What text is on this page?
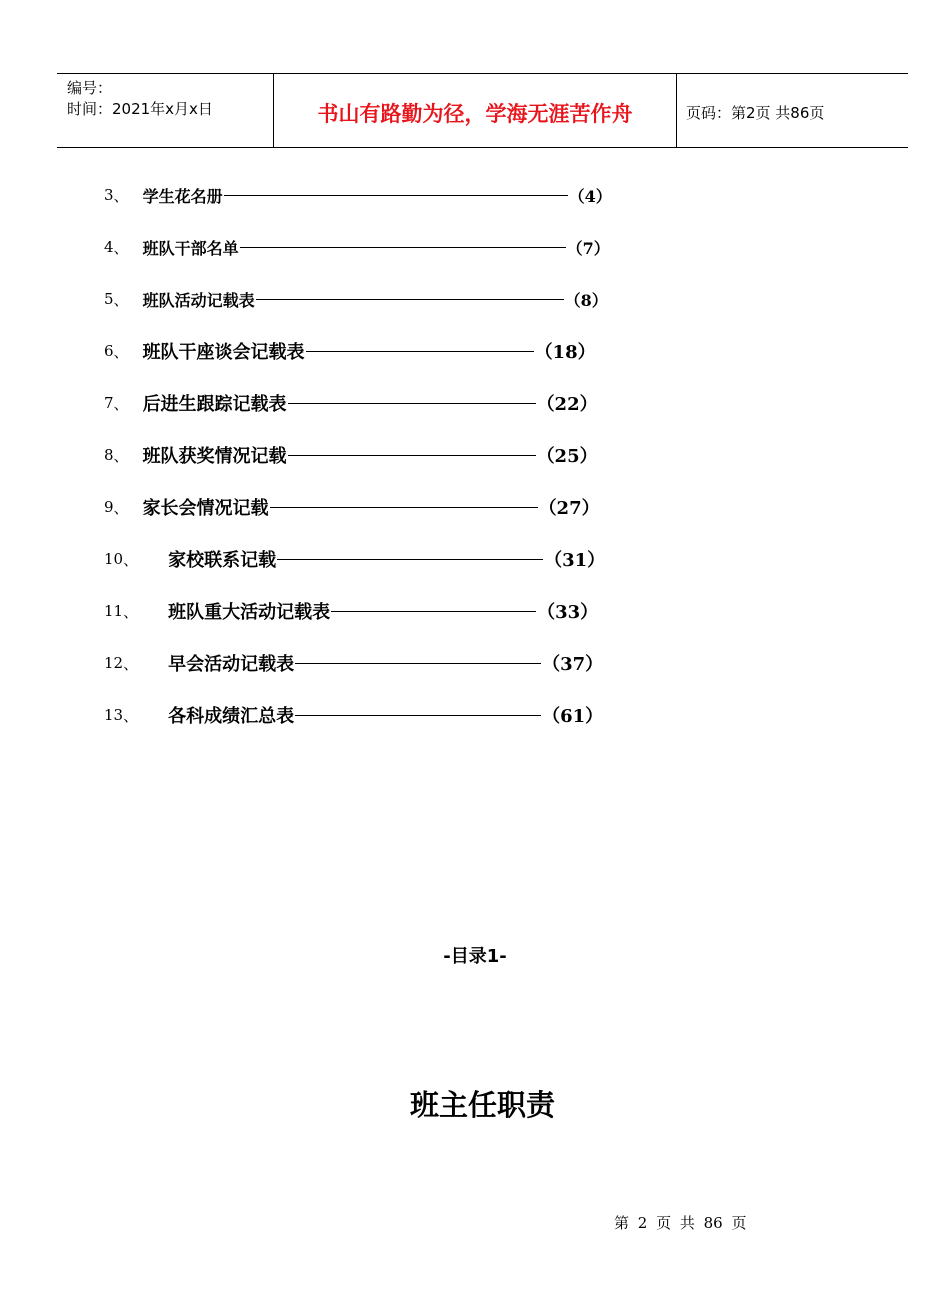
编号：
时间：2021年x月x日	书山有路勤为径，学海无涯苦作舟	页码：第2页 共86页
3 、 学生花名册	（4）
4 、 班队干部名单	（7）
5 、 班队活动记载表	（8）
6 、 班队干座谈会记载表	（18）
7 、 后进生跟踪记载表	（22）
8 、 班队获奖情况记载	（25）
9 、 家长会情况记载	（27）
10 、 家校联系记载	（31）
11 、 班队重大活动记载表	（33）
12 、 早会活动记载表	（37）
13 、 各科成绩汇总表	（61）
-目录1-
班主任职责
第 2 页 共 86 页
